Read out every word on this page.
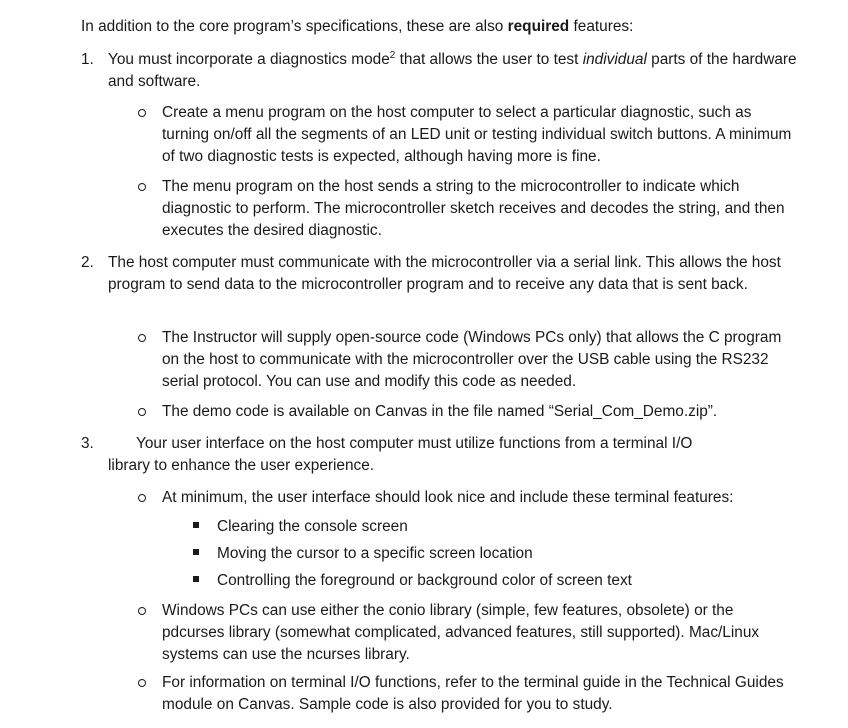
In addition to the core program’s specifications, these are also required features:
1. You must incorporate a diagnostics mode$^2$ that allows the user to test individual parts of the hardware and software.
Create a menu program on the host computer to select a particular diagnostic, such as turning on/off all the segments of an LED unit or testing individual switch buttons. A minimum of two diagnostic tests is expected, although having more is fine.
The menu program on the host sends a string to the microcontroller to indicate which diagnostic to perform. The microcontroller sketch receives and decodes the string, and then executes the desired diagnostic.
2. The host computer must communicate with the microcontroller via a serial link. This allows the host program to send data to the microcontroller program and to receive any data that is sent back.
The Instructor will supply open-source code (Windows PCs only) that allows the C program on the host to communicate with the microcontroller over the USB cable using the RS232 serial protocol. You can use and modify this code as needed.
The demo code is available on Canvas in the file named “Serial_Com_Demo.zip”.
3.	Your user interface on the host computer must utilize functions from a terminal I/O
library to enhance the user experience.
At minimum, the user interface should look nice and include these terminal features:
Clearing the console screen
Moving the cursor to a specific screen location
Controlling the foreground or background color of screen text
Windows PCs can use either the conio library (simple, few features, obsolete) or the pdcurses library (somewhat complicated, advanced features, still supported). Mac/Linux systems can use the ncurses library.
For information on terminal I/O functions, refer to the terminal guide in the Technical Guides module on Canvas. Sample code is also provided for you to study.
